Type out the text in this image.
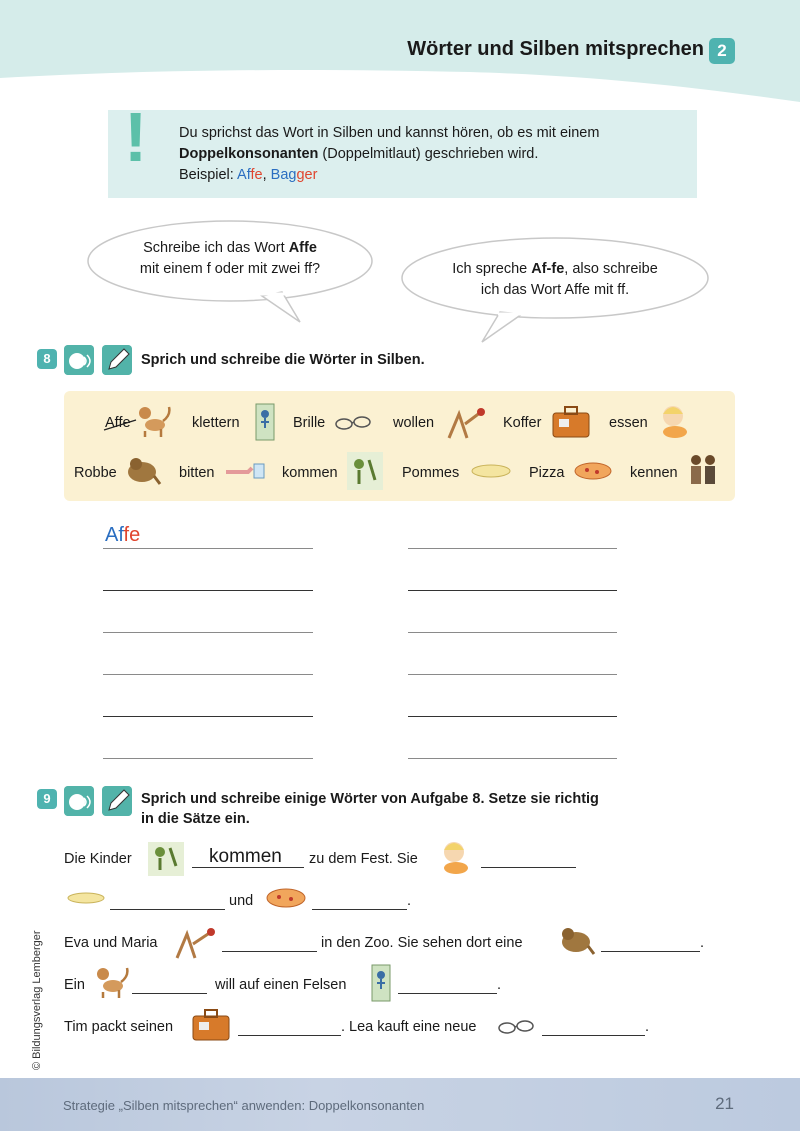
Wörter und Silben mitsprechen 2
! Du sprichst das Wort in Silben und kannst hören, ob es mit einem
Doppelkonsonanten (Doppelmitlaut) geschrieben wird.
Beispiel: Affe, Bagger
Schreibe ich das Wort Affe
mit einem f oder mit zwei ff?	Ich spreche Af-fe, also schreibe
ich das Wort Affe mit ff.
8	Sprich und schreibe die Wörter in Silben.
Affe	klettern	Brille	wollen	Koffer	essen
Robbe	bitten	kommen	Pommes	Pizza	kennen
Affe
9	Sprich und schreibe einige Wörter von Aufgabe 8. Setze sie richtig
in die Sätze ein.
Die Kinder	kommen zu dem Fest. Sie
und	.
Eva und Maria	in den Zoo. Sie sehen dort eine	.
Ein	will auf einen Felsen	.
Tim packt seinen	. Lea kauft eine neue	.
© Bildungsverlag Lemberger
Strategie „Silben mitsprechen“ anwenden: Doppelkonsonanten	21
